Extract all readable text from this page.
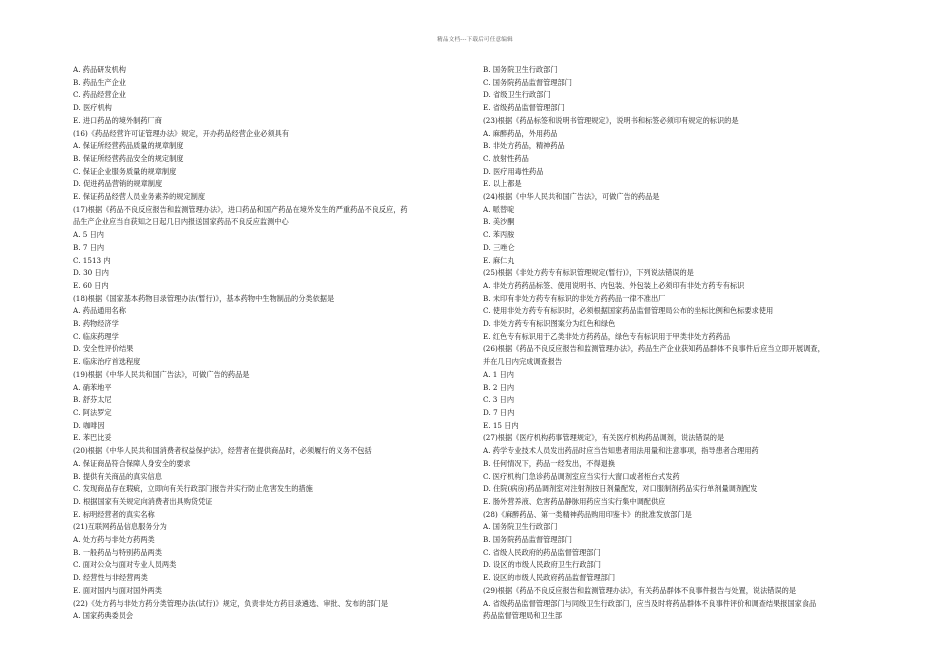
精品文档---下载后可任意编辑
A. 药品研发机构
B. 药品生产企业
C. 药品经营企业
D. 医疗机构
E. 进口药品的境外制药厂商
(16)《药品经营许可证管理办法》规定，开办药品经营企业必须具有
A. 保证所经营药品质量的规章制度
B. 保证所经营药品安全的规定制度
C. 保证企业服务质量的规章制度
D. 促进药品营销的规章制度
E. 保证药品经营人员业务素养的规定制度
(17)根据《药品不良反应报告和监测管理办法》，进口药品和国产药品在境外发生的严重药品不良反应，药
品生产企业应当自获知之日起几日内报送国家药品不良反应监测中心
A. 5 日内
B. 7 日内
C. 1513 内
D. 30 日内
E. 60 日内
(18)根据《国家基本药物目录管理办法(暂行)》，基本药物中生物制品的分类依据是
A. 药品通用名称
B. 药物经济学
C. 临床药理学
D. 安全性评价结果
E. 临床治疗首选程度
(19)根据《中华人民共和国广告法》，可做广告的药品是
A. 硝苯地平
B. 舒芬太尼
C. 阿法罗定
D. 咖啡因
E. 苯巴比妥
(20)根据《中华人民共和国消费者权益保护法》，经营者在提供商品时，必须履行的义务不包括
A. 保证商品符合保障人身安全的要求
B. 提供有关商品的真实信息
C. 发现商品存在瑕疵，立即向有关行政部门报告并实行防止危害发生的措施
D. 根据国家有关规定向消费者出具购货凭证
E. 标明经营者的真实名称
(21)互联网药品信息服务分为
A. 处方药与非处方药两类
B. 一般药品与特别药品两类
C. 面对公众与面对专业人员两类
D. 经营性与非经营两类
E. 面对国内与面对国外两类
(22)《处方药与非处方药分类管理办法(试行)》规定，负责非处方药目录遴选、审批、发布的部门是
A. 国家药典委员会
B. 国务院卫生行政部门
C. 国务院药品监督管理部门
D. 省级卫生行政部门
E. 省级药品监督管理部门
(23)根据《药品标签和说明书管理规定》，说明书和标签必须印有规定的标识的是
A. 麻醉药品，外用药品
B. 非处方药品，精神药品
C. 放射性药品
D. 医疗用毒性药品
E. 以上都是
(24)根据《中华人民共和国广告法》，可做广告的药品是
A. 哌替啶
B. 美沙酮
C. 苯丙胺
D. 三唑仑
E. 麻仁丸
(25)根据《非处方药专有标识管理规定(暂行)》，下列说法错误的是
A. 非处方药药品标签、使用说明书、内包装、外包装上必须印有非处方药专有标识
B. 未印有非处方药专有标识的非处方药药品一律不准出厂
C. 使用非处方药专有标识时，必须根据国家药品监督管理局公布的坐标比例和色标要求使用
D. 非处方药专有标识图案分为红色和绿色
E. 红色专有标识用于乙类非处方药药品，绿色专有标识用于甲类非处方药药品
(26)根据《药品不良反应报告和监测管理办法》，药品生产企业获知药品群体不良事件后应当立即开展调查，
并在几日内完成调查报告
A. 1 日内
B. 2 日内
C. 3 日内
D. 7 日内
E. 15 日内
(27)根据《医疗机构药事管理规定》，有关医疗机构药品调剂，说法错误的是
A. 药学专业技术人员发出药品时应当告知患者用法用量和注意事项，指导患者合理用药
B. 任何情况下，药品一经发出，不得退换
C. 医疗机构门急诊药品调剂室应当实行大窗口或者柜台式发药
D. 住院(病房)药品调剂室对注射剂按日剂量配发，对口服制剂药品实行单剂量调剂配发
E. 肠外营养液、危害药品静脉用药应当实行集中调配供应
(28)《麻醉药品、第一类精神药品购用印鉴卡》的批准发放部门是
A. 国务院卫生行政部门
B. 国务院药品监督管理部门
C. 省级人民政府的药品监督管理部门
D. 设区的市级人民政府卫生行政部门
E. 设区的市级人民政府药品监督管理部门
(29)根据《药品不良反应报告和监测管理办法》，有关药品群体不良事件报告与处置，说法错误的是
A. 省级药品监督管理部门与同级卫生行政部门，应当及时将药品群体不良事件评价和调查结果报国家食品
药品监督管理局和卫生部
